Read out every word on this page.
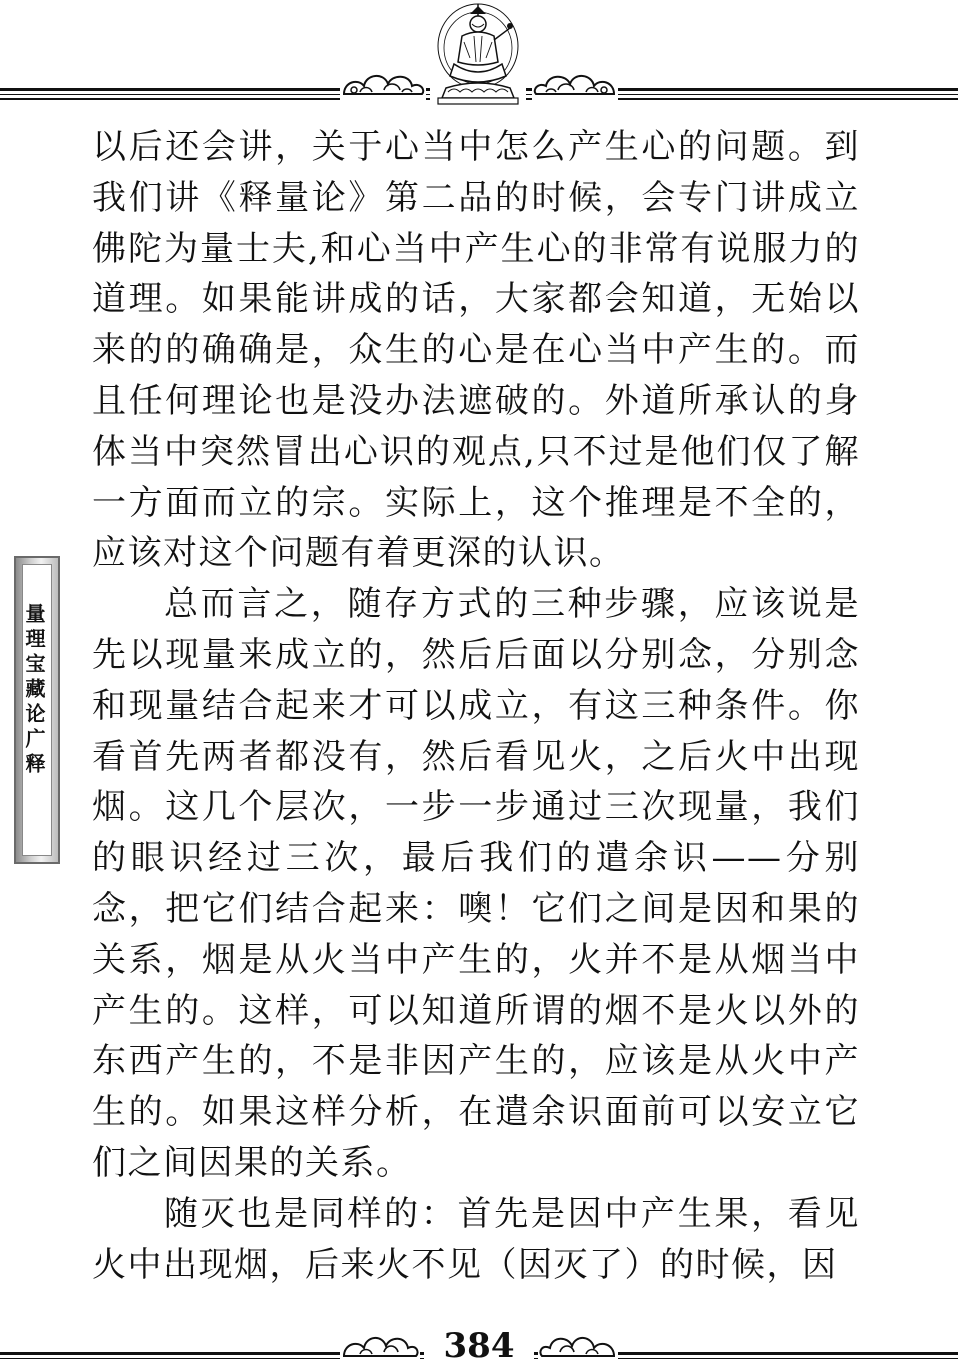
量理宝藏论广释

以后还会讲，关于心当中怎么产生心的问题。到我们讲《释量论》第二品的时候，会专门讲成立佛陀为量士夫,和心当中产生心的非常有说服力的道理。如果能讲成的话，大家都会知道，无始以来的的确确是，众生的心是在心当中产生的。而且任何理论也是没办法遮破的。外道所承认的身体当中突然冒出心识的观点,只不过是他们仅了解一方面而立的宗。实际上，这个推理是不全的，应该对这个问题有着更深的认识。

总而言之，随存方式的三种步骤，应该说是先以现量来成立的，然后后面以分别念，分别念和现量结合起来才可以成立，有这三种条件。你看首先两者都没有，然后看见火，之后火中出现烟。这几个层次，一步一步通过三次现量，我们的眼识经过三次，最后我们的遣余识——分别念，把它们结合起来：噢！它们之间是因和果的关系，烟是从火当中产生的，火并不是从烟当中产生的。这样，可以知道所谓的烟不是火以外的东西产生的，不是非因产生的，应该是从火中产生的。如果这样分析，在遣余识面前可以安立它们之间因果的关系。

随灭也是同样的：首先是因中产生果，看见火中出现烟，后来火不见（因灭了）的时候，因

384
